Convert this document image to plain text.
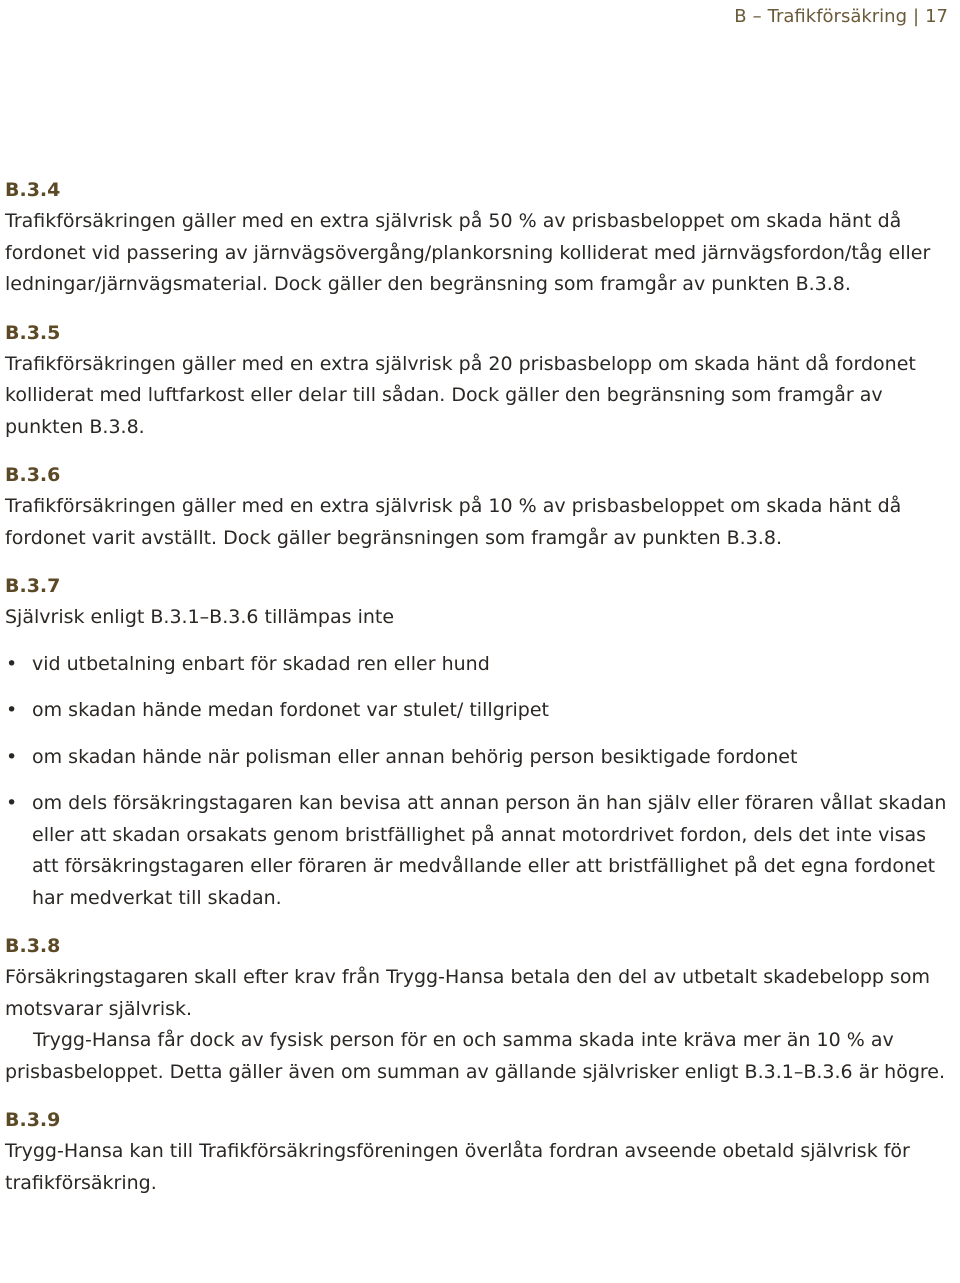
B – Trafikförsäkring | 17
B.3.4

Trafikförsäkringen gäller med en extra självrisk på 50 % av prisbasbeloppet om skada hänt då fordonet vid passering av järnvägsövergång/plankorsning kolliderat med järnvägsfordon/tåg eller ledningar/järnvägsmaterial. Dock gäller den begränsning som framgår av punkten B.3.8.

B.3.5

Trafikförsäkringen gäller med en extra självrisk på 20 prisbasbelopp om skada hänt då fordonet kolliderat med luftfarkost eller delar till sådan. Dock gäller den begränsning som framgår av punkten B.3.8.

B.3.6

Trafikförsäkringen gäller med en extra självrisk på 10 % av prisbasbeloppet om skada hänt då fordonet varit avställt. Dock gäller begränsningen som framgår av punkten B.3.8.

B.3.7

Självrisk enligt B.3.1–B.3.6 tillämpas inte

• vid utbetalning enbart för skadad ren eller hund
• om skadan hände medan fordonet var stulet/ tillgripet
• om skadan hände när polisman eller annan behörig person besiktigade fordonet
• om dels försäkringstagaren kan bevisa att annan person än han själv eller föraren vållat skadan eller att skadan orsakats genom bristfällighet på annat motordrivet fordon, dels det inte visas att försäkringstagaren eller föraren är medvållande eller att bristfällighet på det egna fordonet har medverkat till skadan.
B.3.8

Försäkringstagaren skall efter krav från Trygg-Hansa betala den del av utbetalt skadebelopp som motsvarar självrisk.

Trygg-Hansa får dock av fysisk person för en och samma skada inte kräva mer än 10 % av prisbasbeloppet. Detta gäller även om summan av gällande självrisker enligt B.3.1–B.3.6 är högre.

B.3.9

Trygg-Hansa kan till Trafikförsäkringsföreningen överlåta fordran avseende obetald självrisk för trafikförsäkring.
